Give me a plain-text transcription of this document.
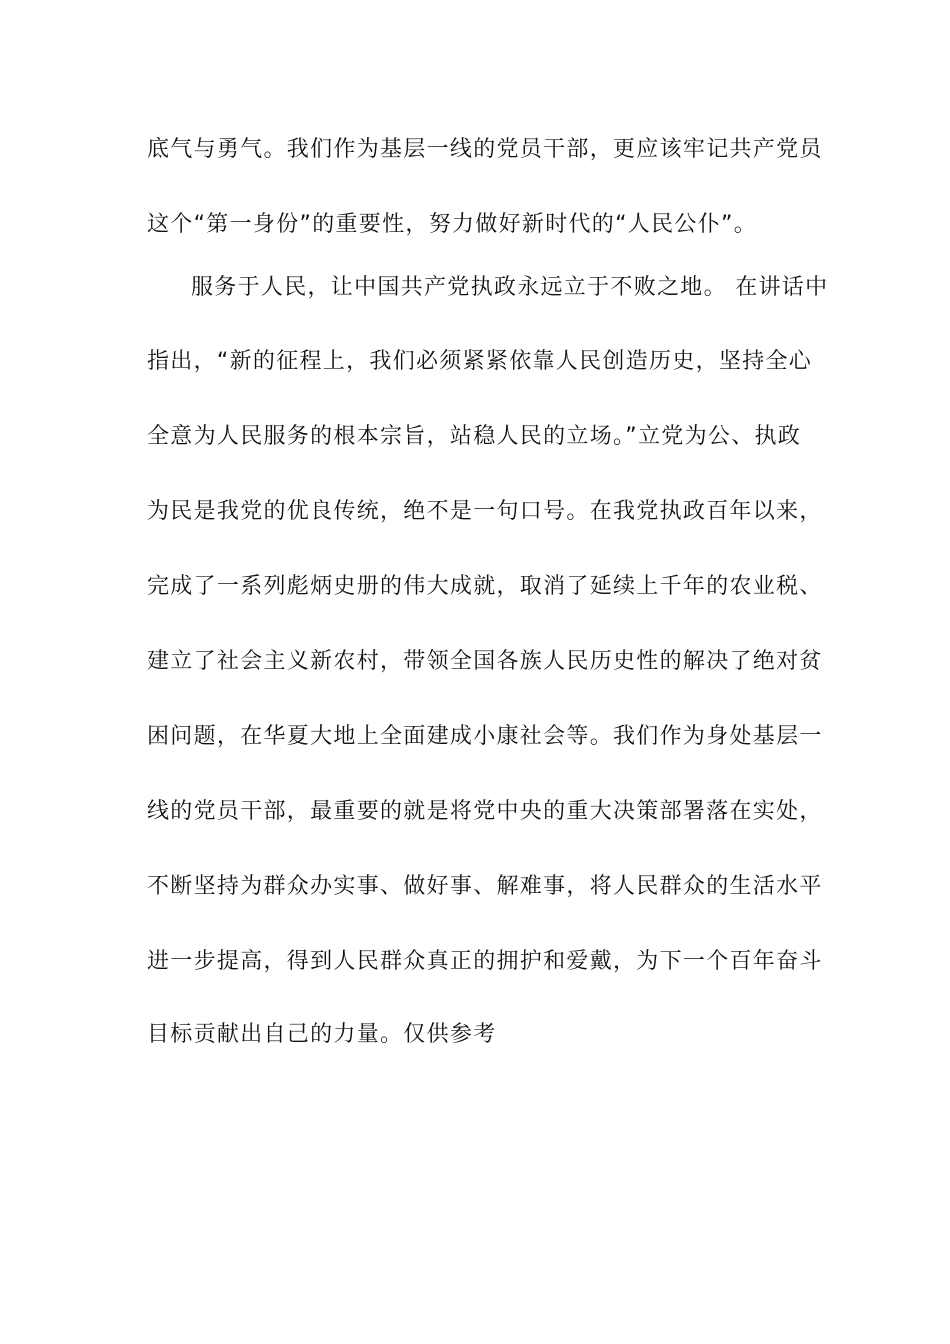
底气与勇气。我们作为基层一线的党员干部，更应该牢记共产党员
这个“第一身份”的重要性，努力做好新时代的“人民公仆”。
服务于人民，让中国共产党执政永远立于不败之地。 在讲话中
指出，“新的征程上，我们必须紧紧依靠人民创造历史，坚持全心
全意为人民服务的根本宗旨，站稳人民的立场。”立党为公、执政
为民是我党的优良传统，绝不是一句口号。在我党执政百年以来，
完成了一系列彪炳史册的伟大成就，取消了延续上千年的农业税、
建立了社会主义新农村，带领全国各族人民历史性的解决了绝对贫
困问题，在华夏大地上全面建成小康社会等。我们作为身处基层一
线的党员干部，最重要的就是将党中央的重大决策部署落在实处，
不断坚持为群众办实事、做好事、解难事，将人民群众的生活水平
进一步提高，得到人民群众真正的拥护和爱戴，为下一个百年奋斗
目标贡献出自己的力量。仅供参考
